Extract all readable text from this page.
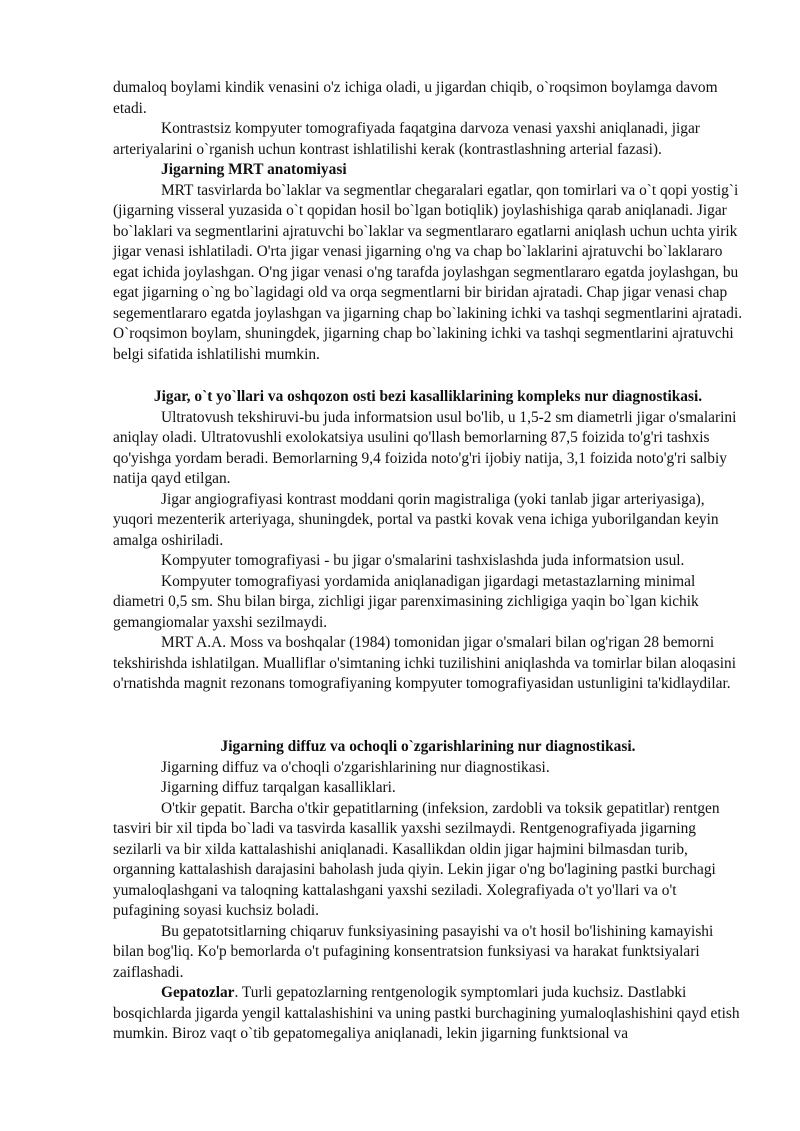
dumaloq boylami kindik venasini o'z ichiga oladi, u jigardan chiqib, o`roqsimon boylamga davom etadi.

Kontrastsiz kompyuter tomografiyada faqatgina darvoza venasi yaxshi aniqlanadi, jigar arteriyalarini o`rganish uchun kontrast ishlatilishi kerak (kontrastlashning arterial fazasi).

Jigarning MRT anatomiyasi

MRT tasvirlarda bo`laklar va segmentlar chegaralari egatlar, qon tomirlari va o`t qopi yostig`i (jigarning visseral yuzasida o`t qopidan hosil bo`lgan botiqlik) joylashishiga qarab aniqlanadi. Jigar bo`laklari va segmentlarini ajratuvchi bo`laklar va segmentlararo egatlarni aniqlash uchun uchta yirik jigar venasi ishlatiladi. O'rta jigar venasi jigarning o'ng va chap bo`laklarini ajratuvchi bo`laklararo egat ichida joylashgan. O'ng jigar venasi o'ng tarafda joylashgan segmentlararo egatda joylashgan, bu egat jigarning o`ng bo`lagidagi old va orqa segmentlarni bir biridan ajratadi. Chap jigar venasi chap segementlararo egatda joylashgan va jigarning chap bo`lakining ichki va tashqi segmentlarini ajratadi. O`roqsimon boylam, shuningdek, jigarning chap bo`lakining ichki va tashqi segmentlarini ajratuvchi belgi sifatida ishlatilishi mumkin.

Jigar, o`t yo`llari va oshqozon osti bezi kasalliklarining kompleks nur diagnostikasi.

Ultratovush tekshiruvi-bu juda informatsion usul bo'lib, u 1,5-2 sm diametrli jigar o'smalarini aniqlay oladi. Ultratovushli exolokatsiya usulini qo'llash bemorlarning 87,5 foizida to'g'ri tashxis qo'yishga yordam beradi. Bemorlarning 9,4 foizida noto'g'ri ijobiy natija, 3,1 foizida noto'g'ri salbiy natija qayd etilgan.

Jigar angiografiyasi kontrast moddani qorin magistraliga (yoki tanlab jigar arteriyasiga), yuqori mezenterik arteriyaga, shuningdek, portal va pastki kovak vena ichiga yuborilgandan keyin amalga oshiriladi.

Kompyuter tomografiyasi - bu jigar o'smalarini tashxislashda juda informatsion usul.

Kompyuter tomografiyasi yordamida aniqlanadigan jigardagi metastazlarning minimal diametri 0,5 sm. Shu bilan birga, zichligi jigar parenximasining zichligiga yaqin bo`lgan kichik gemangiomalar yaxshi sezilmaydi.

MRT A.A. Moss va boshqalar (1984) tomonidan jigar o'smalari bilan og'rigan 28 bemorni tekshirishda ishlatilgan. Mualliflar o'simtaning ichki tuzilishini aniqlashda va tomirlar bilan aloqasini o'rnatishda magnit rezonans tomografiyaning kompyuter tomografiyasidan ustunligini ta'kidlaydilar.

Jigarning diffuz va ochoqli o`zgarishlarining nur diagnostikasi.

Jigarning diffuz va o'choqli o'zgarishlarining nur diagnostikasi.

Jigarning diffuz tarqalgan kasalliklari.

O'tkir gepatit. Barcha o'tkir gepatitlarning (infeksion, zardobli va toksik gepatitlar) rentgen tasviri bir xil tipda bo`ladi va tasvirda kasallik yaxshi sezilmaydi. Rentgenografiyada jigarning sezilarli va bir xilda kattalashishi aniqlanadi. Kasallikdan oldin jigar hajmini bilmasdan turib, organning kattalashish darajasini baholash juda qiyin. Lekin jigar o'ng bo'lagining pastki burchagi yumaloqlashgani va taloqning kattalashgani yaxshi seziladi. Xolegrafiyada o't yo'llari va o't pufagining soyasi kuchsiz boladi.

Bu gepatotsitlarning chiqaruv funksiyasining pasayishi va o't hosil bo'lishining kamayishi bilan bog'liq. Ko'p bemorlarda o't pufagining konsentratsion funksiyasi va harakat funktsiyalari zaiflashadi.

Gepatozlar. Turli gepatozlarning rentgenologik symptomlari juda kuchsiz. Dastlabki bosqichlarda jigarda yengil kattalashishini va uning pastki burchagining yumaloqlashishini qayd etish mumkin. Biroz vaqt o`tib gepatomegaliya aniqlanadi, lekin jigarning funktsional va
